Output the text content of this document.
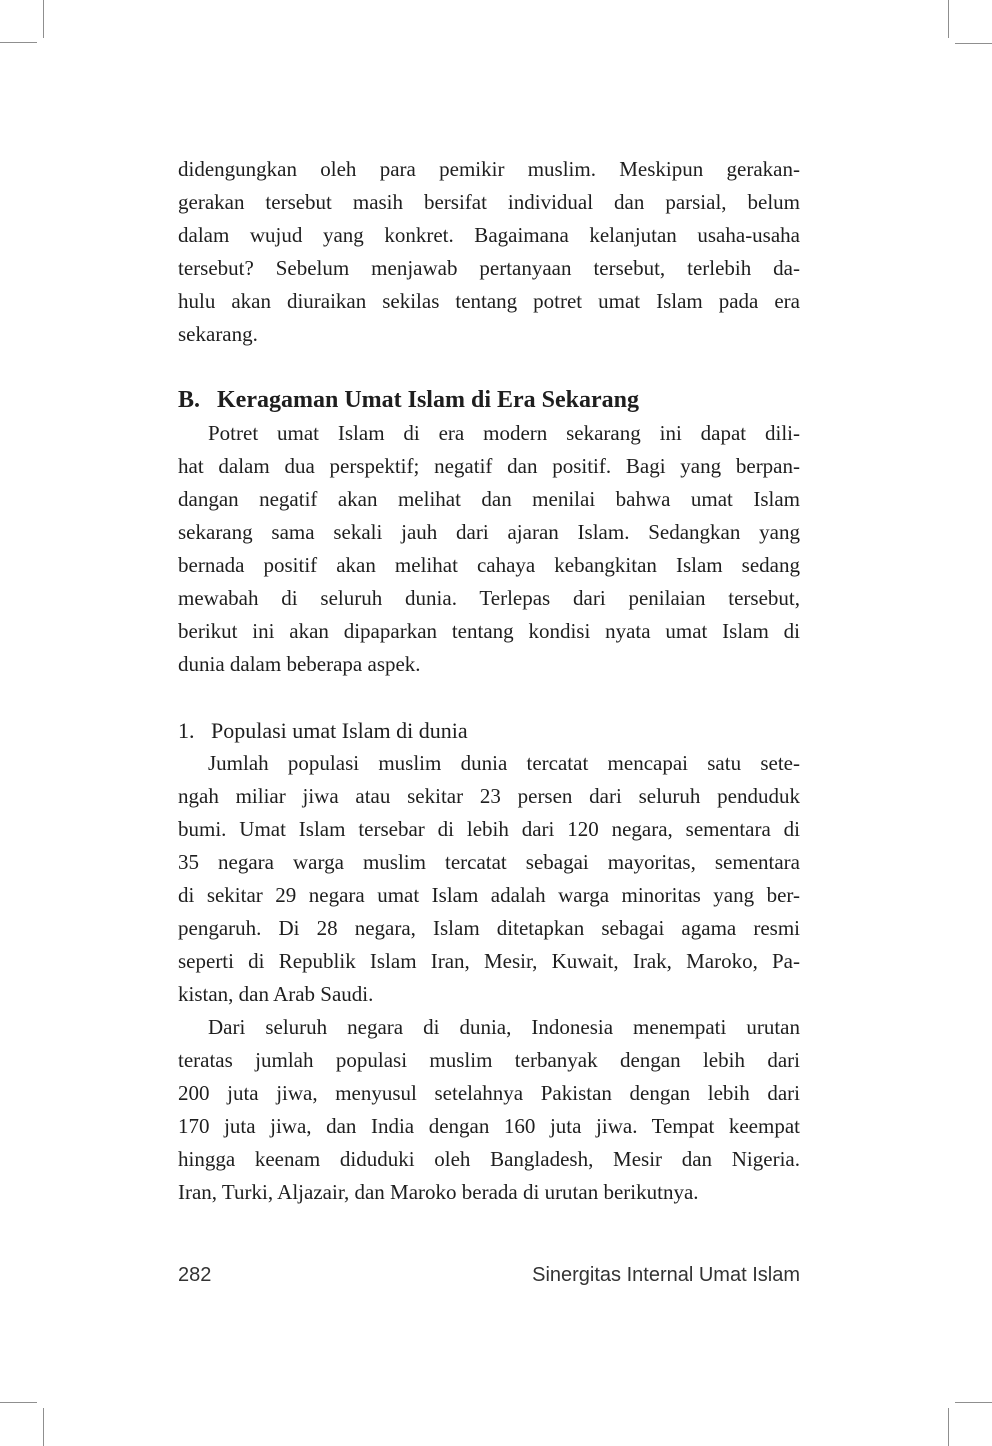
didengungkan oleh para pemikir muslim. Meskipun gerakan-
gerakan tersebut masih bersifat individual dan parsial, belum
dalam wujud yang konkret. Bagaimana kelanjutan usaha-usaha
tersebut? Sebelum menjawab pertanyaan tersebut, terlebih da-
hulu akan diuraikan sekilas tentang potret umat Islam pada era
sekarang.
B. Keragaman Umat Islam di Era Sekarang
Potret umat Islam di era modern sekarang ini dapat dili-
hat dalam dua perspektif; negatif dan positif. Bagi yang berpan-
dangan negatif akan melihat dan menilai bahwa umat Islam
sekarang sama sekali jauh dari ajaran Islam. Sedangkan yang
bernada positif akan melihat cahaya kebangkitan Islam sedang
mewabah di seluruh dunia. Terlepas dari penilaian tersebut,
berikut ini akan dipaparkan tentang kondisi nyata umat Islam di
dunia dalam beberapa aspek.
1. Populasi umat Islam di dunia
Jumlah populasi muslim dunia tercatat mencapai satu sete-
ngah miliar jiwa atau sekitar 23 persen dari seluruh penduduk
bumi. Umat Islam tersebar di lebih dari 120 negara, sementara di
35 negara warga muslim tercatat sebagai mayoritas, sementara
di sekitar 29 negara umat Islam adalah warga minoritas yang ber-
pengaruh. Di 28 negara, Islam ditetapkan sebagai agama resmi
seperti di Republik Islam Iran, Mesir, Kuwait, Irak, Maroko, Pa-
kistan, dan Arab Saudi.
Dari seluruh negara di dunia, Indonesia menempati urutan
teratas jumlah populasi muslim terbanyak dengan lebih dari
200 juta jiwa, menyusul setelahnya Pakistan dengan lebih dari
170 juta jiwa, dan India dengan 160 juta jiwa. Tempat keempat
hingga keenam diduduki oleh Bangladesh, Mesir dan Nigeria.
Iran, Turki, Aljazair, dan Maroko berada di urutan berikutnya.
282	Sinergitas Internal Umat Islam
